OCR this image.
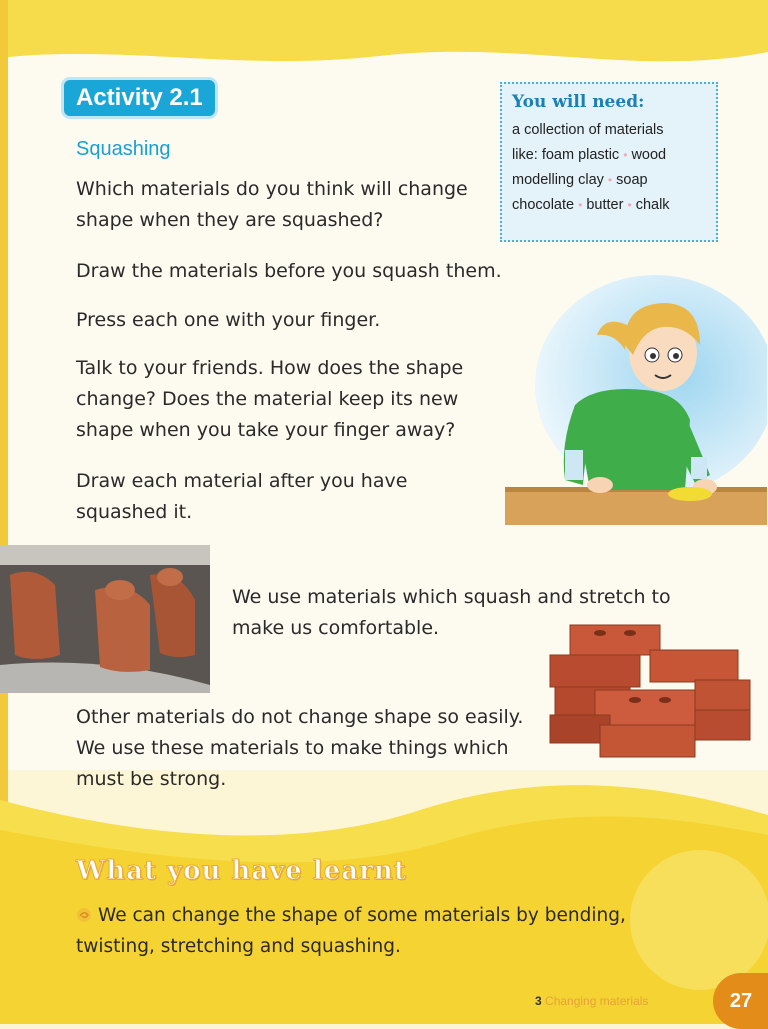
Activity 2.1
Squashing

Which materials do you think will change shape when they are squashed?

Draw the materials before you squash them.

Press each one with your finger.

Talk to your friends. How does the shape change? Does the material keep its new shape when you take your finger away?

Draw each material after you have squashed it.

You will need:
a collection of materials
like: foam plastic • wood
modelling clay • soap
chocolate • butter • chalk

We use materials which squash and stretch to make us comfortable.

Other materials do not change shape so easily. We use these materials to make things which must be strong.

What you have learnt
We can change the shape of some materials by bending, twisting, stretching and squashing.
3 Changing materials	27
